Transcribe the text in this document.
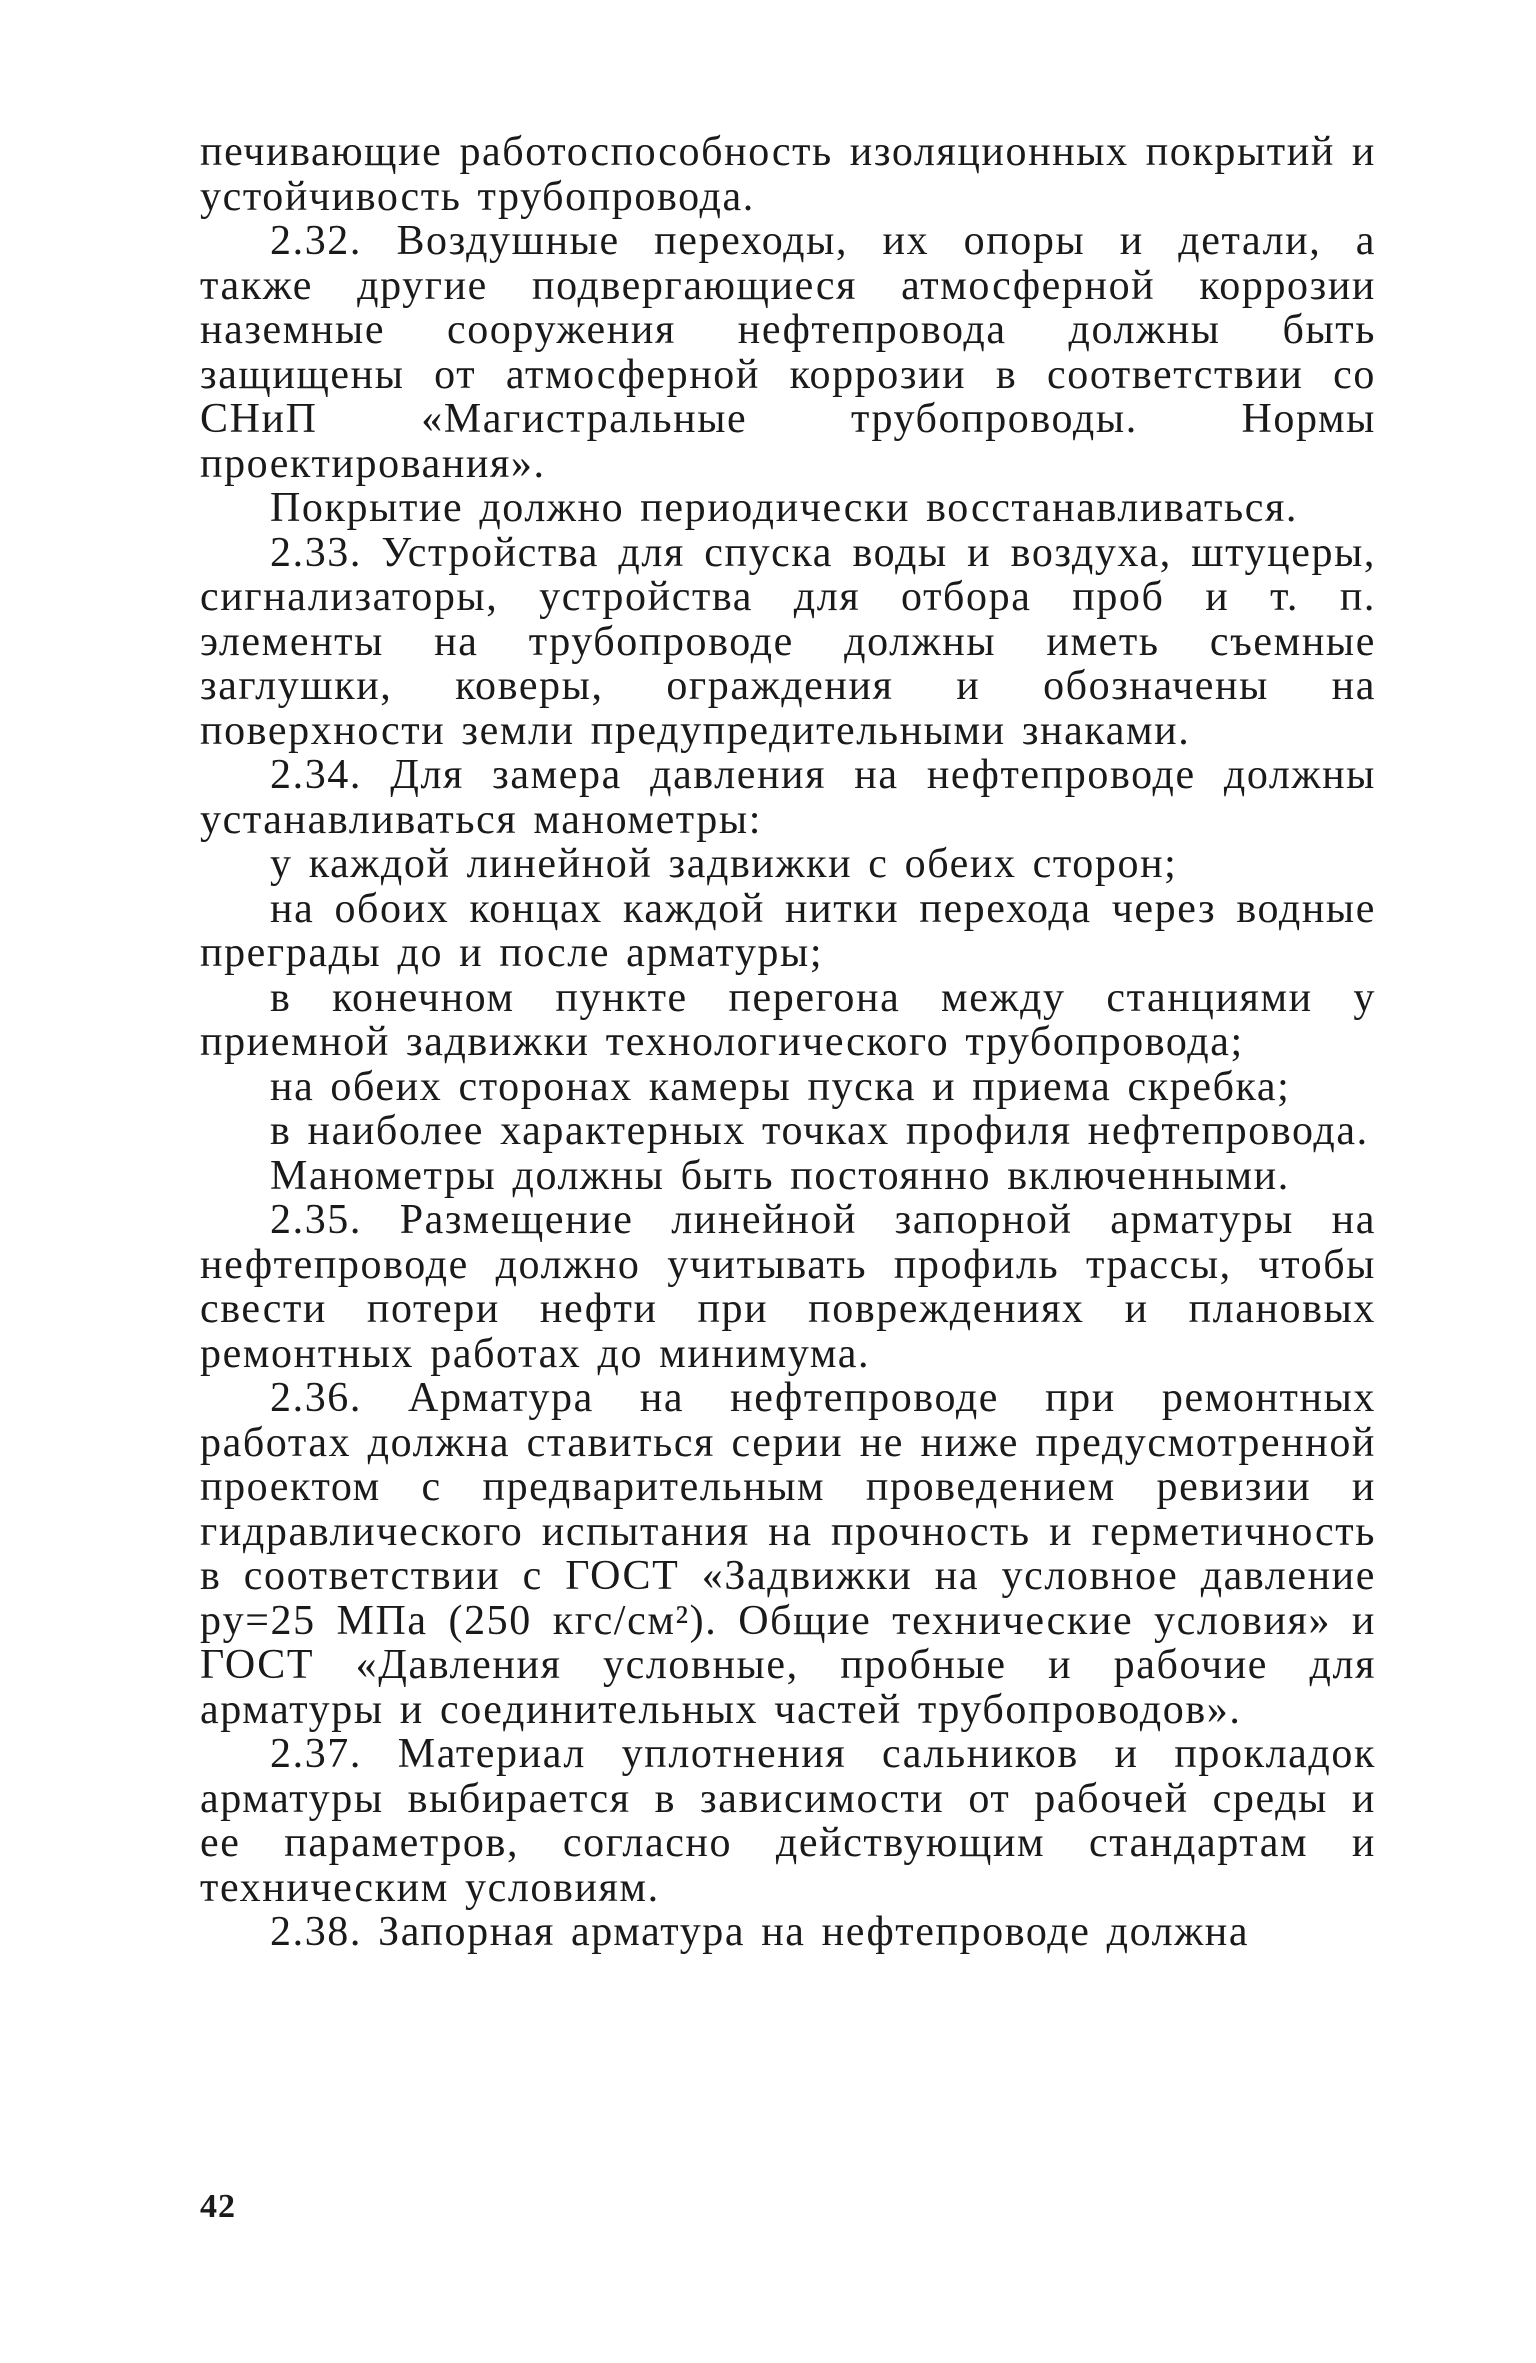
печивающие работоспособность изоляционных покрытий и устойчивость трубопровода.

2.32. Воздушные переходы, их опоры и детали, а также другие подвергающиеся атмосферной коррозии наземные сооружения нефтепровода должны быть защищены от атмосферной коррозии в соответствии со СНиП «Магистральные трубопроводы. Нормы проектирования».

Покрытие должно периодически восстанавливаться.

2.33. Устройства для спуска воды и воздуха, штуцеры, сигнализаторы, устройства для отбора проб и т. п. элементы на трубопроводе должны иметь съемные заглушки, коверы, ограждения и обозначены на поверхности земли предупредительными знаками.

2.34. Для замера давления на нефтепроводе должны устанавливаться манометры:

у каждой линейной задвижки с обеих сторон;

на обоих концах каждой нитки перехода через водные преграды до и после арматуры;

в конечном пункте перегона между станциями у приемной задвижки технологического трубопровода;

на обеих сторонах камеры пуска и приема скребка;

в наиболее характерных точках профиля нефтепровода.

Манометры должны быть постоянно включенными.

2.35. Размещение линейной запорной арматуры на нефтепроводе должно учитывать профиль трассы, чтобы свести потери нефти при повреждениях и плановых ремонтных работах до минимума.

2.36. Арматура на нефтепроводе при ремонтных работах должна ставиться серии не ниже предусмотренной проектом с предварительным проведением ревизии и гидравлического испытания на прочность и герметичность в соответствии с ГОСТ «Задвижки на условное давление pу=25 МПа (250 кгс/см²). Общие технические условия» и ГОСТ «Давления условные, пробные и рабочие для арматуры и соединительных частей трубопроводов».

2.37. Материал уплотнения сальников и прокладок арматуры выбирается в зависимости от рабочей среды и ее параметров, согласно действующим стандартам и техническим условиям.

2.38. Запорная арматура на нефтепроводе должна

42
